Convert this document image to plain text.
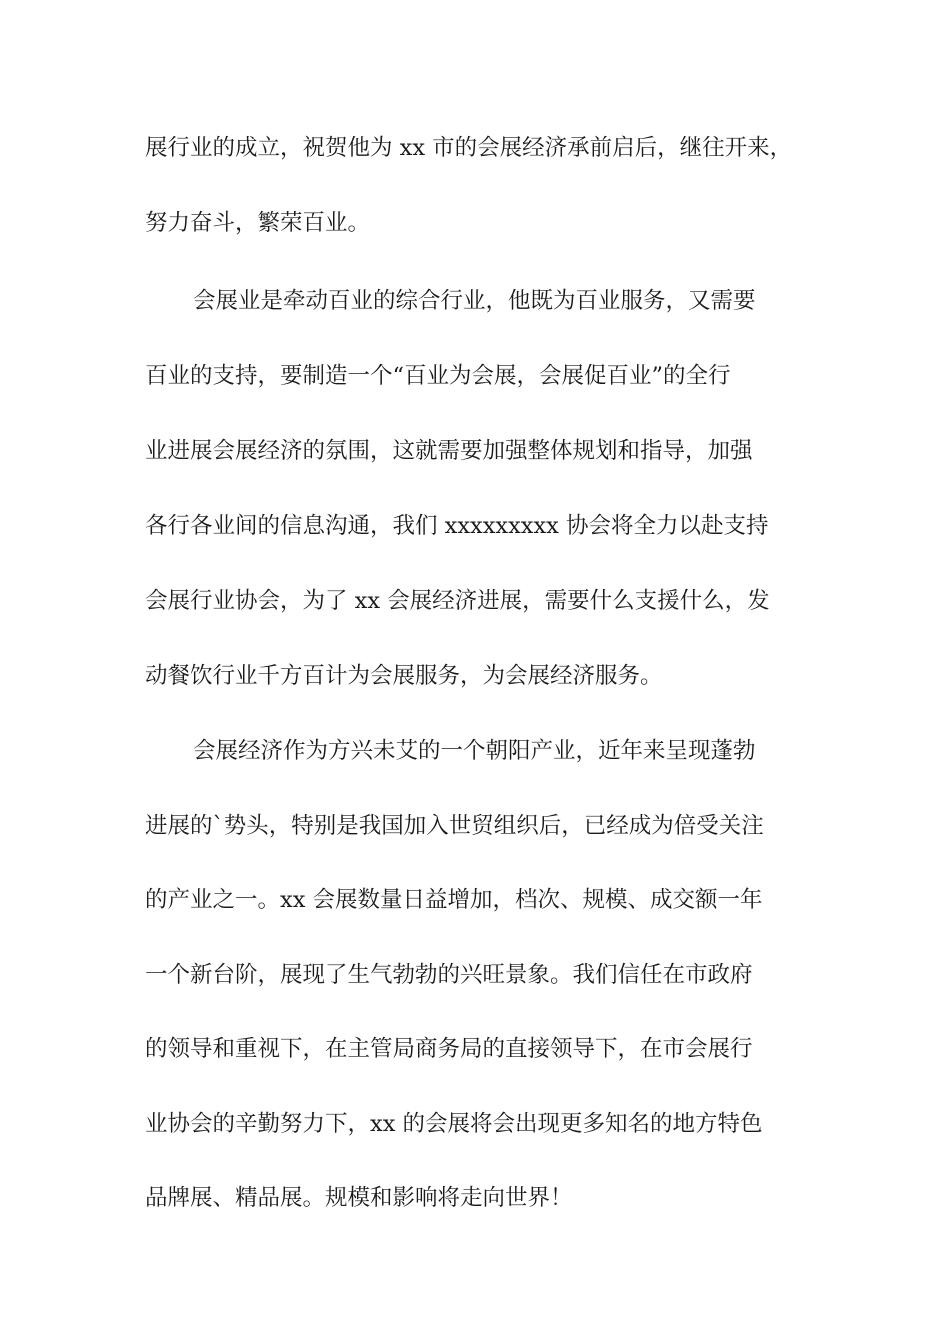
展行业的成立，祝贺他为 xx 市的会展经济承前启后，继往开来，
努力奋斗，繁荣百业。
会展业是牵动百业的综合行业，他既为百业服务，又需要
百业的支持，要制造一个“百业为会展，会展促百业”的全行
业进展会展经济的氛围，这就需要加强整体规划和指导，加强
各行各业间的信息沟通，我们 xxxxxxxxx 协会将全力以赴支持
会展行业协会，为了 xx 会展经济进展，需要什么支援什么，发
动餐饮行业千方百计为会展服务，为会展经济服务。
会展经济作为方兴未艾的一个朝阳产业，近年来呈现蓬勃
进展的`势头，特别是我国加入世贸组织后，已经成为倍受关注
的产业之一。xx 会展数量日益增加，档次、规模、成交额一年
一个新台阶，展现了生气勃勃的兴旺景象。我们信任在市政府
的领导和重视下，在主管局商务局的直接领导下，在市会展行
业协会的辛勤努力下，xx 的会展将会出现更多知名的地方特色
品牌展、精品展。规模和影响将走向世界！
